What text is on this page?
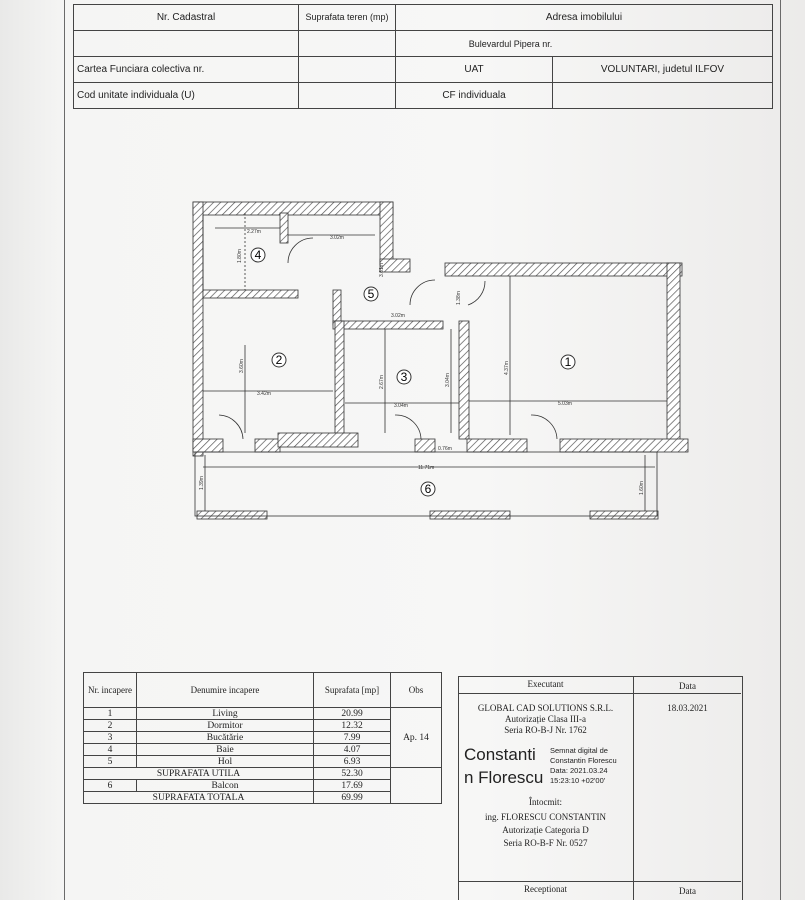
Nr. Cadastral	Suprafata teren (mp)	Adresa imobilului	
		Bulevardul Pipera nr.	
Cartea Funciara colectiva nr.		UAT	VOLUNTARI, judetul ILFOV
Cod unitate individuala (U)		CF individuala	
4
5
2
3
1
6
2.27m
3.02m
3.02m
3.42m
3.04m	5.03m
0.76m
11.71m
1.80m
3.61m
1.38m
3.60m
2.67m	3.04m
4.37m
1.39m	1.60m
Nr. incapere	Denumire incapere	Suprafata [mp]	Obs
1	Living	20.99	Ap. 14
2	Dormitor	12.32	
3	Bucătărie	7.99	
4	Baie	4.07	
5	Hol	6.93	
SUPRAFATA UTILA		52.30	
6	Balcon	17.69	
SUPRAFATA TOTALA		69.99	
Executant	Data
GLOBAL CAD SOLUTIONS S.R.L.
Autorizație Clasa III-a
Seria RO-B-J Nr. 1762
18.03.2021
Constanti
n Florescu
Semnat digital de
Constantin Florescu
Data: 2021.03.24
15:23:10 +02'00'
Întocmit:
ing. FLORESCU CONSTANTIN
Autorizație Categoria D
Seria RO-B-F Nr. 0527
Receptionat	Data
